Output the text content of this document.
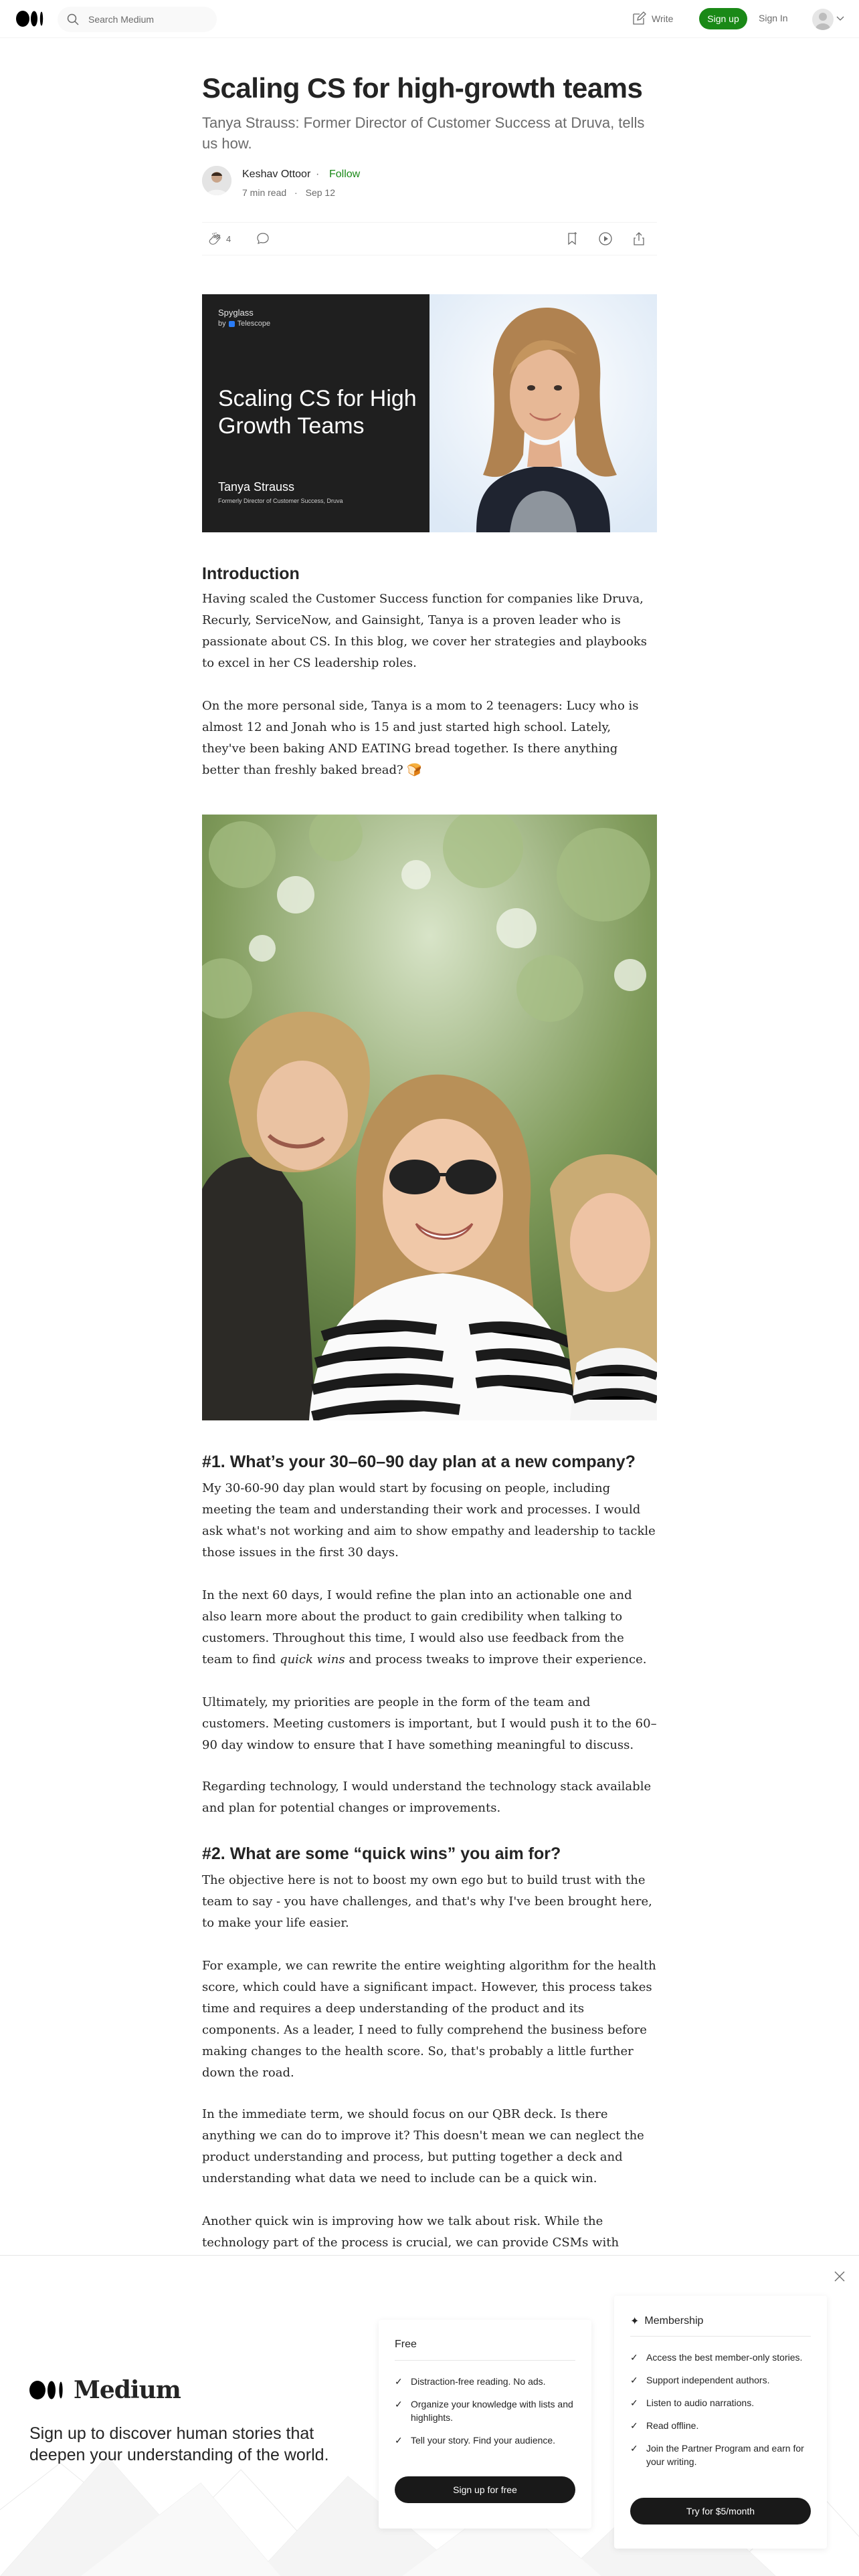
Search Medium	Write	Sign up	Sign In
Scaling CS for high-growth teams
Tanya Strauss: Former Director of Customer Success at Druva, tells us how.
Keshav Ottoor · Follow
7 min read · Sep 12
4
Spyglass
by Telescope
Scaling CS for High Growth Teams
Tanya Strauss
Formerly Director of Customer Success, Druva
Introduction

Having scaled the Customer Success function for companies like Druva, Recurly, ServiceNow, and Gainsight, Tanya is a proven leader who is passionate about CS. In this blog, we cover her strategies and playbooks to excel in her CS leadership roles.

On the more personal side, Tanya is a mom to 2 teenagers: Lucy who is almost 12 and Jonah who is 15 and just started high school. Lately, they've been baking AND EATING bread together. Is there anything better than freshly baked bread? 🍞

#1. What’s your 30–60–90 day plan at a new company?

My 30-60-90 day plan would start by focusing on people, including meeting the team and understanding their work and processes. I would ask what's not working and aim to show empathy and leadership to tackle those issues in the first 30 days.

In the next 60 days, I would refine the plan into an actionable one and also learn more about the product to gain credibility when talking to customers. Throughout this time, I would also use feedback from the team to find quick wins and process tweaks to improve their experience.

Ultimately, my priorities are people in the form of the team and customers. Meeting customers is important, but I would push it to the 60–90 day window to ensure that I have something meaningful to discuss.

Regarding technology, I would understand the technology stack available and plan for potential changes or improvements.

#2. What are some “quick wins” you aim for?

The objective here is not to boost my own ego but to build trust with the team to say - you have challenges, and that's why I've been brought here, to make your life easier.

For example, we can rewrite the entire weighting algorithm for the health score, which could have a significant impact. However, this process takes time and requires a deep understanding of the product and its components. As a leader, I need to fully comprehend the business before making changes to the health score. So, that's probably a little further down the road.

In the immediate term, we should focus on our QBR deck. Is there anything we can do to improve it? This doesn't mean we can neglect the product understanding and process, but putting together a deck and understanding what data we need to include can be a quick win.

Another quick win is improving how we talk about risk. While the technology part of the process is crucial, we can provide CSMs with

Medium
Sign up to discover human stories that deepen your understanding of the world.
Free
✓ Distraction-free reading. No ads.
✓ Organize your knowledge with lists and highlights.
✓ Tell your story. Find your audience.
Sign up for free
✦ Membership
✓ Access the best member-only stories.
✓ Support independent authors.
✓ Listen to audio narrations.
✓ Read offline.
✓ Join the Partner Program and earn for your writing.
Try for $5/month
